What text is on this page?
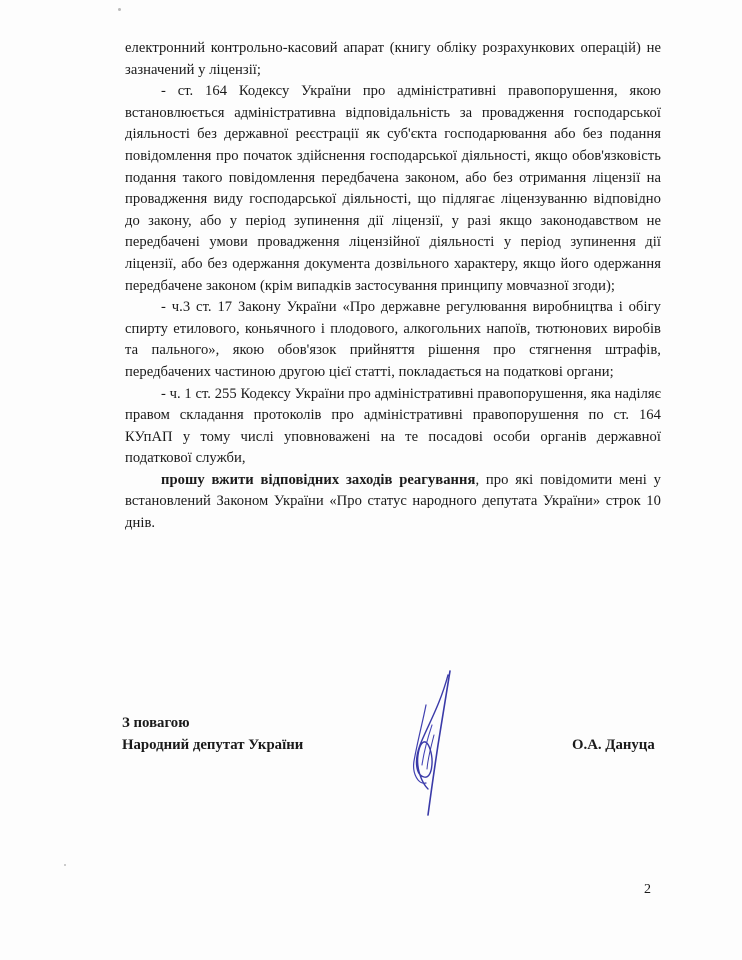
електронний контрольно-касовий апарат (книгу обліку розрахункових операцій) не зазначений у ліцензії;

- ст. 164 Кодексу України про адміністративні правопорушення, якою встановлюється адміністративна відповідальність за провадження господарської діяльності без державної реєстрації як суб'єкта господарювання або без подання повідомлення про початок здійснення господарської діяльності, якщо обов'язковість подання такого повідомлення передбачена законом, або без отримання ліцензії на провадження виду господарської діяльності, що підлягає ліцензуванню відповідно до закону, або у період зупинення дії ліцензії, у разі якщо законодавством не передбачені умови провадження ліцензійної діяльності у період зупинення дії ліцензії, або без одержання документа дозвільного характеру, якщо його одержання передбачене законом (крім випадків застосування принципу мовчазної згоди);

- ч.3 ст. 17 Закону України «Про державне регулювання виробництва і обігу спирту етилового, коньячного і плодового, алкогольних напоїв, тютюнових виробів та пального», якою обов'язок прийняття рішення про стягнення штрафів, передбачених частиною другою цієї статті, покладається на податкові органи;

- ч. 1 ст. 255 Кодексу України про адміністративні правопорушення, яка наділяє правом складання протоколів про адміністративні правопорушення по ст. 164 КУпАП у тому числі уповноважені на те посадові особи органів державної податкової служби,

прошу вжити відповідних заходів реагування, про які повідомити мені у встановлений Законом України «Про статус народного депутата України» строк 10 днів.

З повагою
Народний депутат України	О.А. Дануца
2
